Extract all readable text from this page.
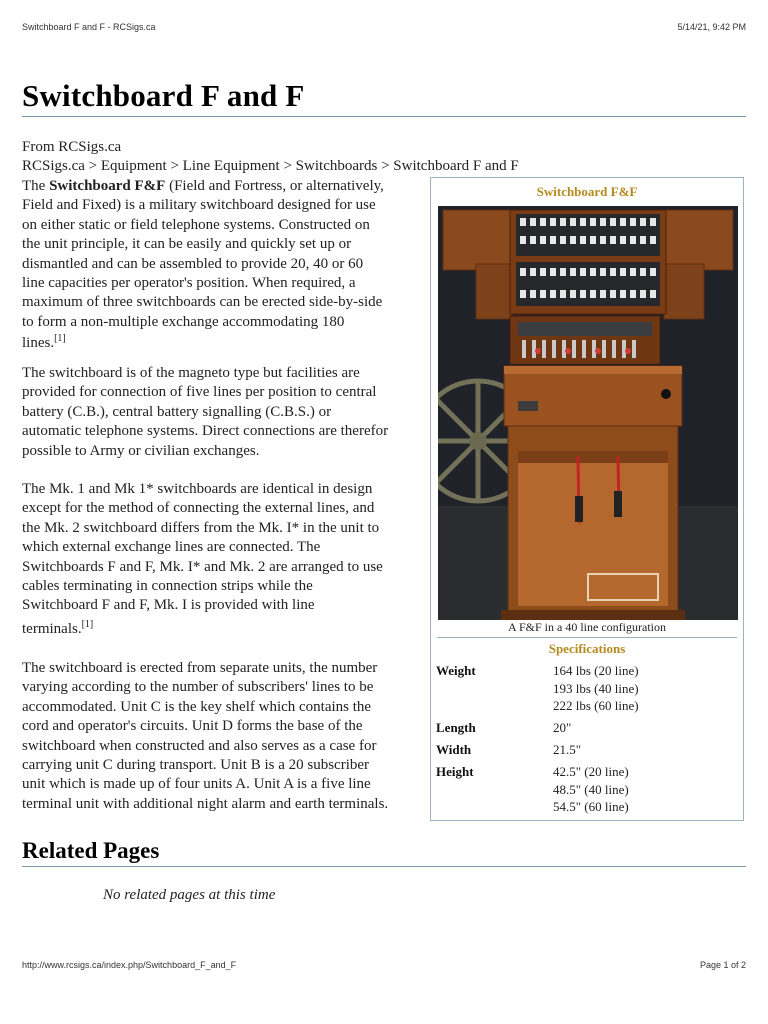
Switchboard F and F - RCSigs.ca	5/14/21, 9:42 PM
Switchboard F and F
From RCSigs.ca
RCSigs.ca > Equipment > Line Equipment > Switchboards > Switchboard F and F

The Switchboard F&F (Field and Fortress, or alternatively,

Field and Fixed) is a military switchboard designed for use

on either static or field telephone systems. Constructed on

the unit principle, it can be easily and quickly set up or

dismantled and can be assembled to provide 20, 40 or 60

line capacities per operator's position. When required, a

maximum of three switchboards can be erected side-by-side

to form a non-multiple exchange accommodating 180

lines.[1]

The switchboard is of the magneto type but facilities are

provided for connection of five lines per position to central

battery (C.B.), central battery signalling (C.B.S.) or

automatic telephone systems. Direct connections are therefor

possible to Army or civilian exchanges.

The Mk. 1 and Mk 1* switchboards are identical in design

except for the method of connecting the external lines, and

the Mk. 2 switchboard differs from the Mk. I* in the unit to

which external exchange lines are connected. The

Switchboards F and F, Mk. I* and Mk. 2 are arranged to use

cables terminating in connection strips while the

Switchboard F and F, Mk. I is provided with line

terminals.[1]

The switchboard is erected from separate units, the number

varying according to the number of subscribers' lines to be

accommodated. Unit C is the key shelf which contains the

cord and operator's circuits. Unit D forms the base of the

switchboard when constructed and also serves as a case for

carrying unit C during transport. Unit B is a 20 subscriber

unit which is made up of four units A. Unit A is a five line

terminal unit with additional night alarm and earth terminals.

Switchboard F&F
A F&F in a 40 line configuration
Specifications
Weight	164 lbs (20 line)
193 lbs (40 line)
222 lbs (60 line)
Length	20"
Width	21.5"
Height	42.5" (20 line)
48.5" (40 line)
54.5" (60 line)
Related Pages
No related pages at this time
http://www.rcsigs.ca/index.php/Switchboard_F_and_F	Page 1 of 2
